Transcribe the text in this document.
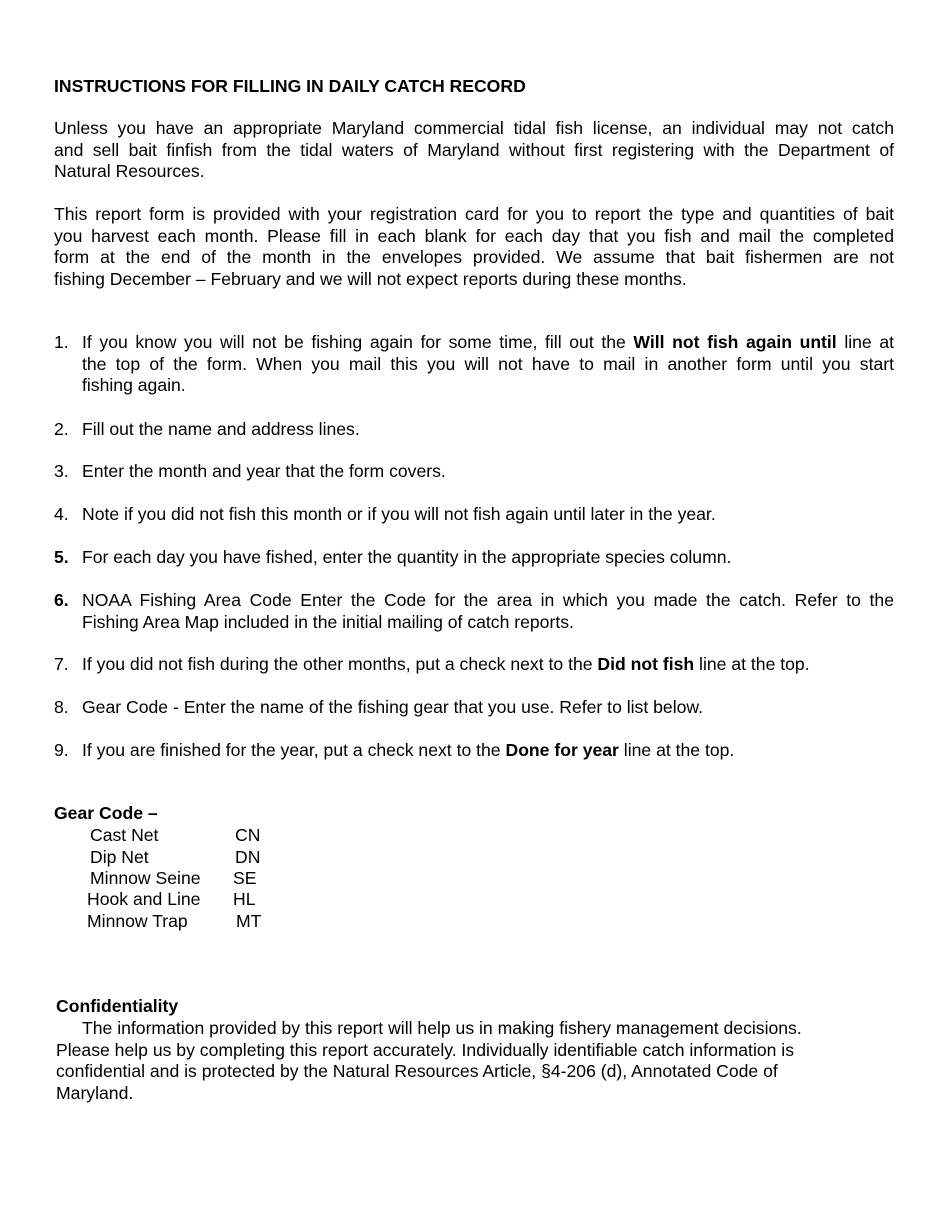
INSTRUCTIONS FOR FILLING IN DAILY CATCH RECORD
Unless you have an appropriate Maryland commercial tidal fish license, an individual may not catch
and sell bait finfish from the tidal waters of Maryland without first registering with the Department of
Natural Resources.
This report form is provided with your registration card for you to report the type and quantities of bait
you harvest each month. Please fill in each blank for each day that you fish and mail the completed
form at the end of the month in the envelopes provided. We assume that bait fishermen are not
fishing December – February and we will not expect reports during these months.
1. If you know you will not be fishing again for some time, fill out the Will not fish again until line at
the top of the form. When you mail this you will not have to mail in another form until you start
fishing again.
2. Fill out the name and address lines.
3. Enter the month and year that the form covers.
4. Note if you did not fish this month or if you will not fish again until later in the year.
5. For each day you have fished, enter the quantity in the appropriate species column.
6. NOAA Fishing Area Code Enter the Code for the area in which you made the catch. Refer to the
Fishing Area Map included in the initial mailing of catch reports.
7. If you did not fish during the other months, put a check next to the Did not fish line at the top.
8. Gear Code - Enter the name of the fishing gear that you use. Refer to list below.
9. If you are finished for the year, put a check next to the Done for year line at the top.
Gear Code –
Cast Net	CN
Dip Net	DN
Minnow Seine SE
Hook and Line HL
Minnow Trap	MT
Confidentiality
The information provided by this report will help us in making fishery management decisions.
Please help us by completing this report accurately. Individually identifiable catch information is
confidential and is protected by the Natural Resources Article, §4-206 (d), Annotated Code of
Maryland.
